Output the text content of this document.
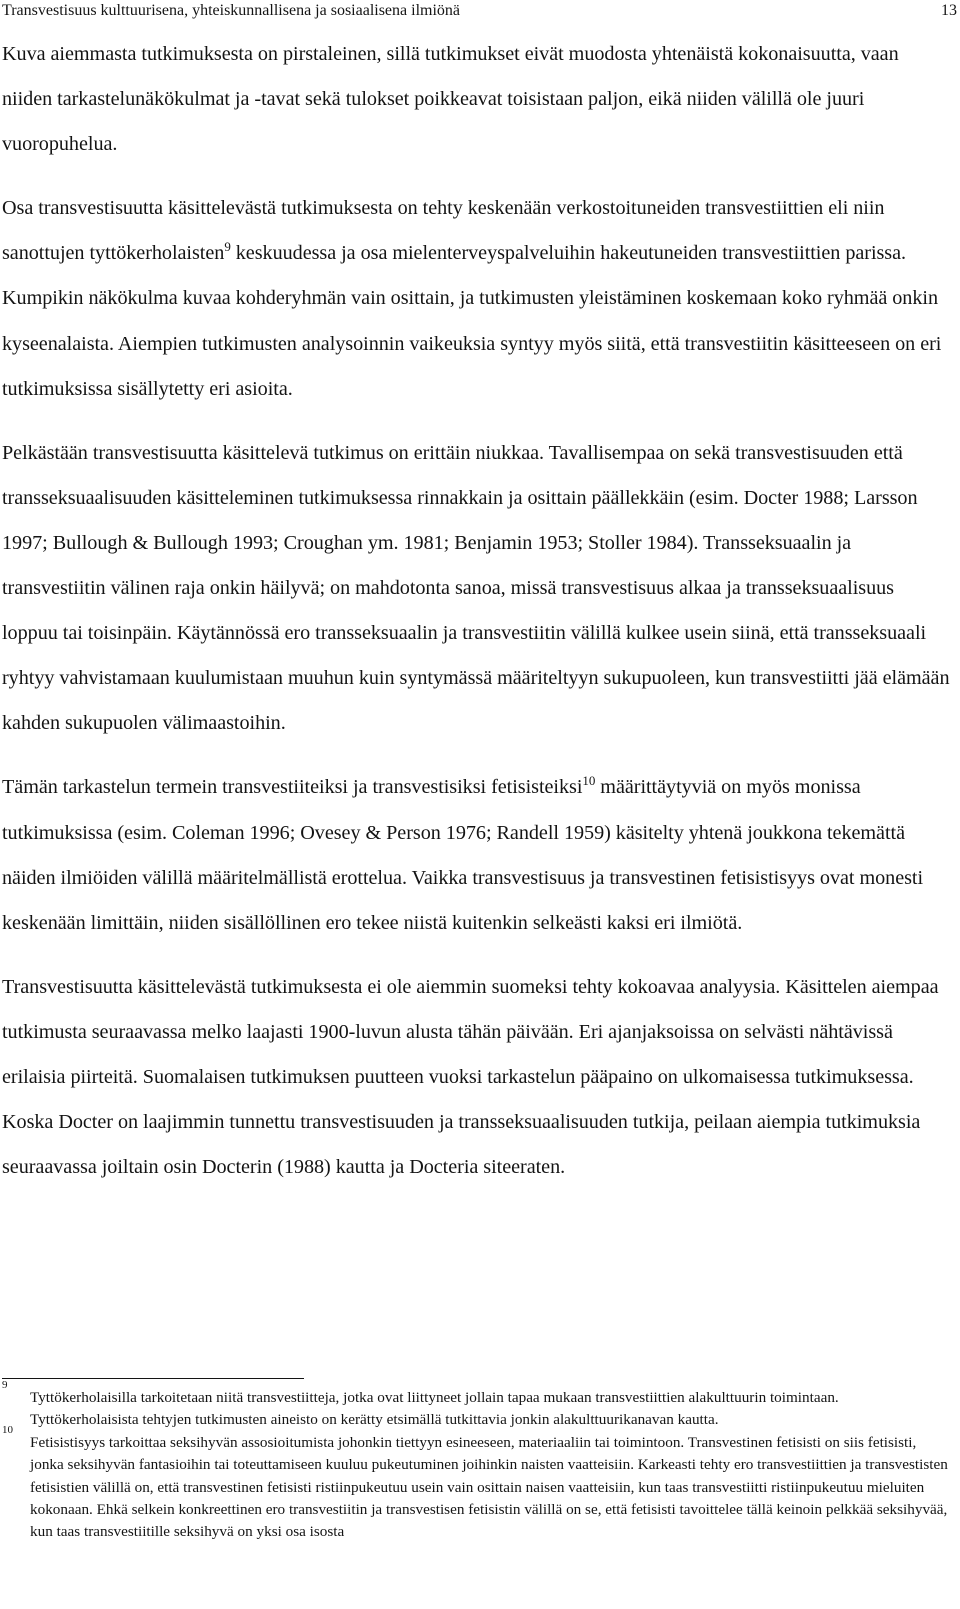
Transvestisuus kulttuurisena, yhteiskunnallisena ja sosiaalisena ilmiönä	13

Kuva aiemmasta tutkimuksesta on pirstaleinen, sillä tutkimukset eivät muodosta yhtenäistä kokonaisuutta, vaan niiden tarkastelunäkökulmat ja -tavat sekä tulokset poikkeavat toisistaan paljon, eikä niiden välillä ole juuri vuoropuhelua.

Osa transvestisuutta käsittelevästä tutkimuksesta on tehty keskenään verkostoituneiden transvestiittien eli niin sanottujen tyttökerholaisten$^9$ keskuudessa ja osa mielenterveyspalveluihin hakeutuneiden transvestiittien parissa. Kumpikin näkökulma kuvaa kohderyhmän vain osittain, ja tutkimusten yleistäminen koskemaan koko ryhmää onkin kyseenalaista. Aiempien tutkimusten analysoinnin vaikeuksia syntyy myös siitä, että transvestiitin käsitteeseen on eri tutkimuksissa sisällytetty eri asioita.

Pelkästään transvestisuutta käsittelevä tutkimus on erittäin niukkaa. Tavallisempaa on sekä transvestisuuden että transseksuaalisuuden käsitteleminen tutkimuksessa rinnakkain ja osittain päällekkäin (esim. Docter 1988; Larsson 1997; Bullough & Bullough 1993; Croughan ym. 1981; Benjamin 1953; Stoller 1984). Transseksuaalin ja transvestiitin välinen raja onkin häilyvä; on mahdotonta sanoa, missä transvestisuus alkaa ja transseksuaalisuus loppuu tai toisinpäin. Käytännössä ero transseksuaalin ja transvestiitin välillä kulkee usein siinä, että transseksuaali ryhtyy vahvistamaan kuulumistaan muuhun kuin syntymässä määriteltyyn sukupuoleen, kun transvestiitti jää elämään kahden sukupuolen välimaastoihin.

Tämän tarkastelun termein transvestiiteiksi ja transvestisiksi fetisisteiksi$^{10}$ määrittäytyviä on myös monissa tutkimuksissa (esim. Coleman 1996; Ovesey & Person 1976; Randell 1959) käsitelty yhtenä joukkona tekemättä näiden ilmiöiden välillä määritelmällistä erottelua. Vaikka transvestisuus ja transvestinen fetisistisyys ovat monesti keskenään limittäin, niiden sisällöllinen ero tekee niistä kuitenkin selkeästi kaksi eri ilmiötä.

Transvestisuutta käsittelevästä tutkimuksesta ei ole aiemmin suomeksi tehty kokoavaa analyysia. Käsittelen aiempaa tutkimusta seuraavassa melko laajasti 1900-luvun alusta tähän päivään. Eri ajanjaksoissa on selvästi nähtävissä erilaisia piirteitä. Suomalaisen tutkimuksen puutteen vuoksi tarkastelun pääpaino on ulkomaisessa tutkimuksessa. Koska Docter on laajimmin tunnettu transvestisuuden ja transseksuaalisuuden tutkija, peilaan aiempia tutkimuksia seuraavassa joiltain osin Docterin (1988) kautta ja Docteria siteeraten.

9
Tyttökerholaisilla tarkoitetaan niitä transvestiitteja, jotka ovat liittyneet jollain tapaa mukaan transvestiittien alakulttuurin toimintaan. Tyttökerholaisista tehtyjen tutkimusten aineisto on kerätty etsimällä tutkittavia jonkin alakulttuurikanavan kautta.
10
Fetisistisyys tarkoittaa seksihyvän assosioitumista johonkin tiettyyn esineeseen, materiaaliin tai toimintoon. Transvestinen fetisisti on siis fetisisti, jonka seksihyvän fantasioihin tai toteuttamiseen kuuluu pukeutuminen joihinkin naisten vaatteisiin. Karkeasti tehty ero transvestiittien ja transvestisten fetisistien välillä on, että transvestinen fetisisti ristiinpukeutuu usein vain osittain naisen vaatteisiin, kun taas transvestiitti ristiinpukeutuu mieluiten kokonaan. Ehkä selkein konkreettinen ero transvestiitin ja transvestisen fetisistin välillä on se, että fetisisti tavoittelee tällä keinoin pelkkää seksihyvää, kun taas transvestiitille seksihyvä on yksi osa isosta
